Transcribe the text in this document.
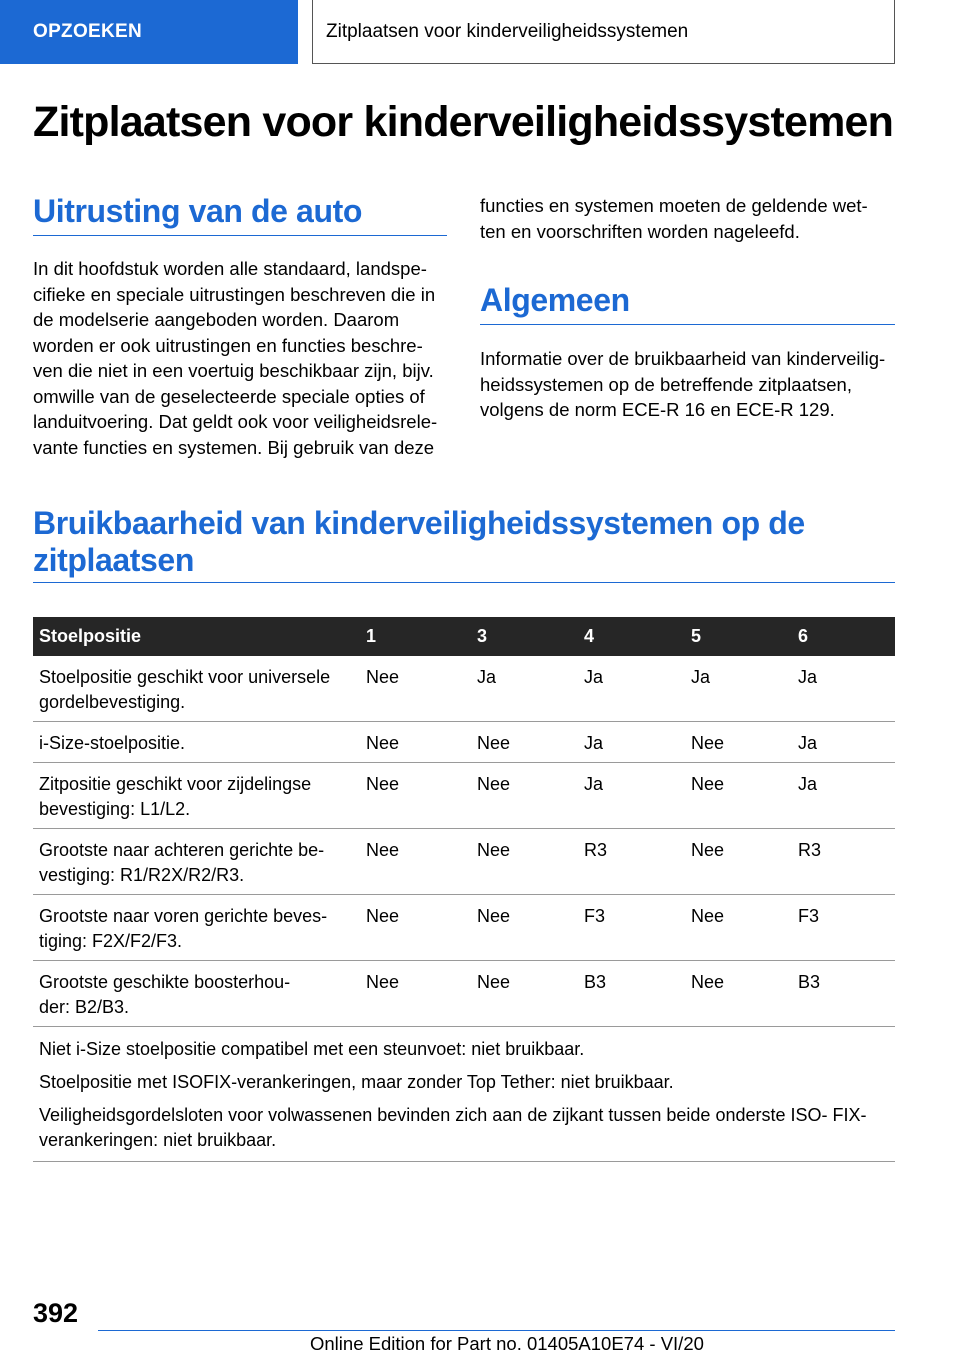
OPZOEKEN	Zitplaatsen voor kinderveiligheidssystemen
Zitplaatsen voor kinderveiligheidssystemen
Uitrusting van de auto
In dit hoofdstuk worden alle standaard, landspe‐
cifieke en speciale uitrustingen beschreven die in
de modelserie aangeboden worden. Daarom
worden er ook uitrustingen en functies beschre‐
ven die niet in een voertuig beschikbaar zijn, bijv.
omwille van de geselecteerde speciale opties of
landuitvoering. Dat geldt ook voor veiligheidsrele‐
vante functies en systemen. Bij gebruik van deze
functies en systemen moeten de geldende wet‐
ten en voorschriften worden nageleefd.
Algemeen
Informatie over de bruikbaarheid van kinderveilig‐
heidssystemen op de betreffende zitplaatsen,
volgens de norm ECE-R 16 en ECE-R 129.
Bruikbaarheid van kinderveiligheidssystemen op de
zitplaatsen
Stoelpositie	1	3	4	5	6

Stoelpositie geschikt voor universele
gordelbevestiging.	Nee	Ja	Ja	Ja	Ja

i-Size-stoelpositie.	Nee	Nee	Ja	Nee	Ja

Zitpositie geschikt voor zijdelingse
bevestiging: L1/L2.	Nee	Nee	Ja	Nee	Ja

Grootste naar achteren gerichte be‐
vestiging: R1/R2X/R2/R3.	Nee	Nee	R3	Nee	R3

Grootste naar voren gerichte beves‐
tiging: F2X/F2/F3.	Nee	Nee	F3	Nee	F3

Grootste geschikte boosterhou‐
der: B2/B3.	Nee	Nee	B3	Nee	B3

Niet i-Size stoelpositie compatibel met een steunvoet: niet bruikbaar.

Stoelpositie met ISOFIX-verankeringen, maar zonder Top Tether: niet bruikbaar.

Veiligheidsgordelsloten voor volwassenen bevinden zich aan de zijkant tussen beide onderste ISO‐ FIX-verankeringen: niet bruikbaar.					

392
Online Edition for Part no. 01405A10E74 - VI/20
